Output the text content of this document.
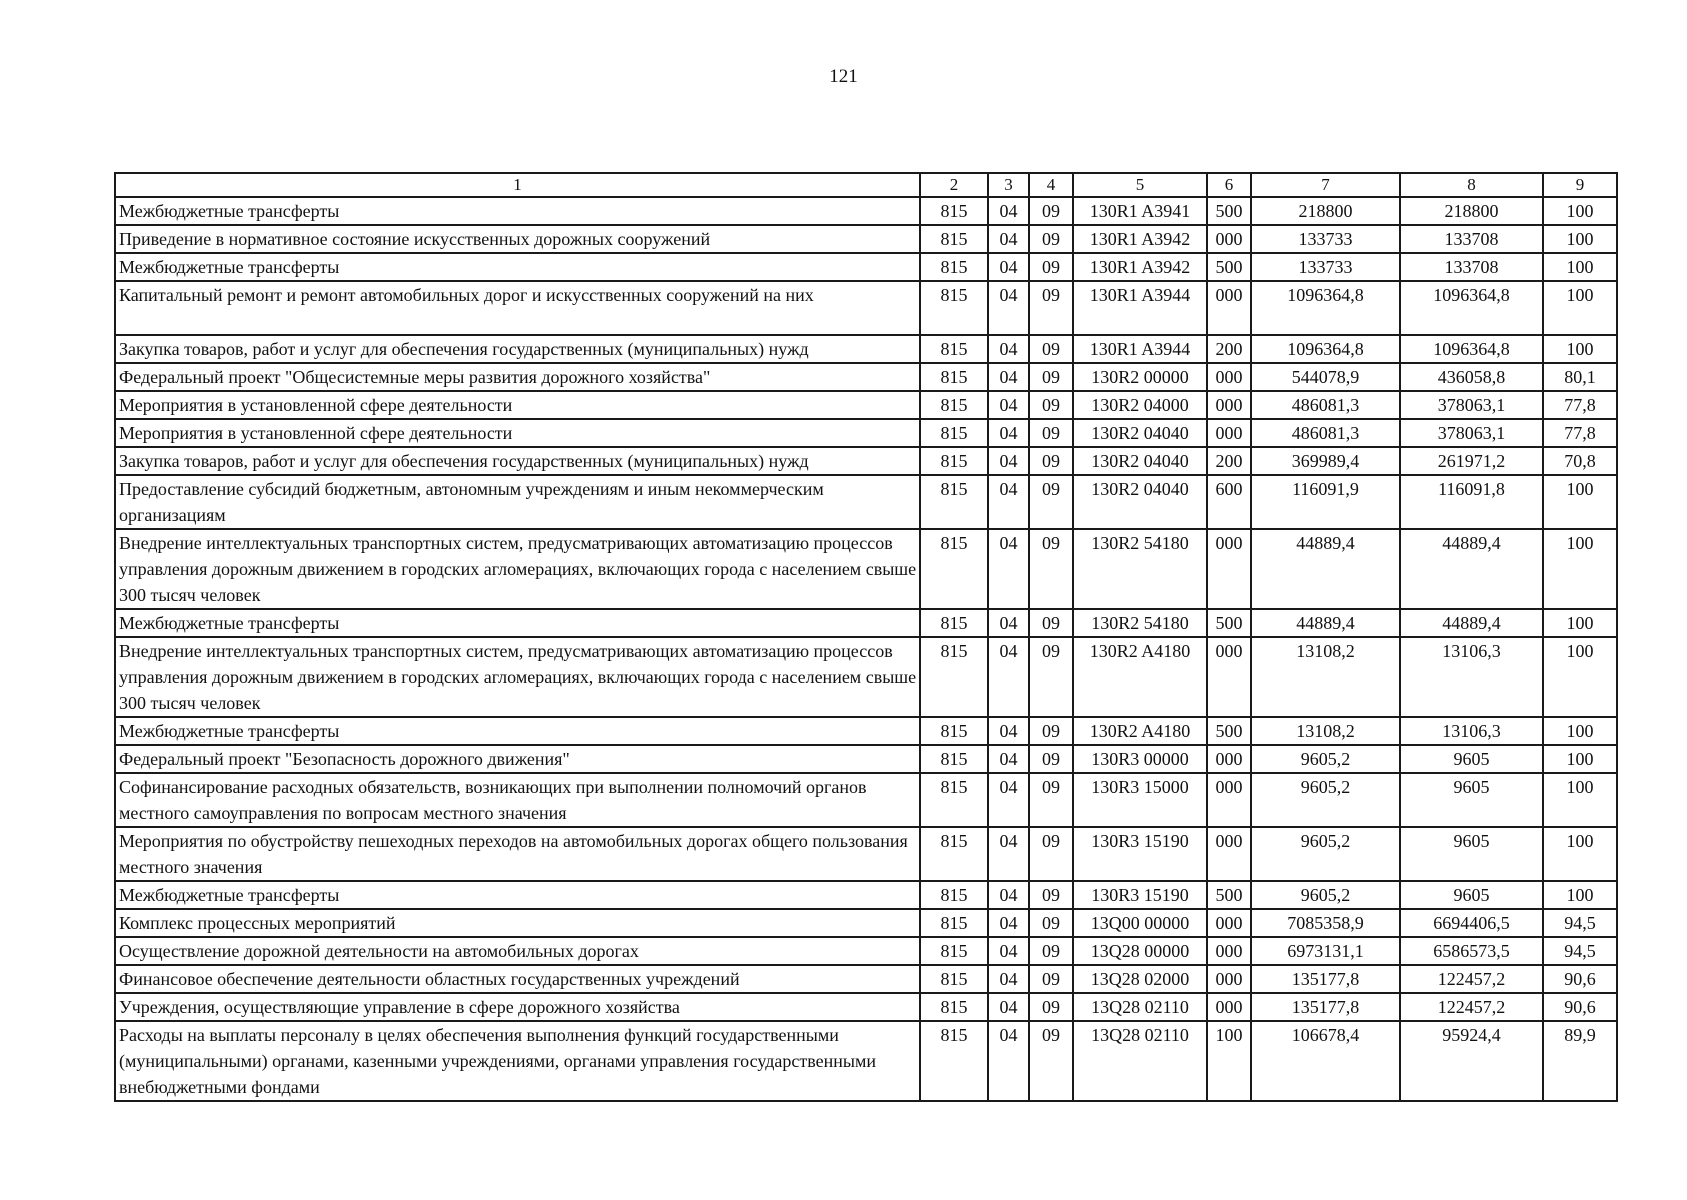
121
1	2	3	4	5	6	7	8	9
Межбюджетные трансферты	815	04	09	130R1 A3941	500	218800	218800	100
Приведение в нормативное состояние искусственных дорожных сооружений	815	04	09	130R1 A3942	000	133733	133708	100
Межбюджетные трансферты	815	04	09	130R1 A3942	500	133733	133708	100
Капитальный ремонт и ремонт автомобильных дорог и искусственных сооружений на них	815	04	09	130R1 A3944	000	1096364,8	1096364,8	100
Закупка товаров, работ и услуг для обеспечения государственных (муниципальных) нужд	815	04	09	130R1 A3944	200	1096364,8	1096364,8	100
Федеральный проект "Общесистемные меры развития дорожного хозяйства"	815	04	09	130R2 00000	000	544078,9	436058,8	80,1
Мероприятия в установленной сфере деятельности	815	04	09	130R2 04000	000	486081,3	378063,1	77,8
Мероприятия в установленной сфере деятельности	815	04	09	130R2 04040	000	486081,3	378063,1	77,8
Закупка товаров, работ и услуг для обеспечения государственных (муниципальных) нужд	815	04	09	130R2 04040	200	369989,4	261971,2	70,8
Предоставление субсидий бюджетным, автономным учреждениям и иным некоммерческим организациям	815	04	09	130R2 04040	600	116091,9	116091,8	100
Внедрение интеллектуальных транспортных систем, предусматривающих автоматизацию процессов управления дорожным движением в городских агломерациях, включающих города с населением свыше 300 тысяч человек	815	04	09	130R2 54180	000	44889,4	44889,4	100
Межбюджетные трансферты	815	04	09	130R2 54180	500	44889,4	44889,4	100
Внедрение интеллектуальных транспортных систем, предусматривающих автоматизацию процессов управления дорожным движением в городских агломерациях, включающих города с населением свыше 300 тысяч человек	815	04	09	130R2 A4180	000	13108,2	13106,3	100
Межбюджетные трансферты	815	04	09	130R2 A4180	500	13108,2	13106,3	100
Федеральный проект "Безопасность дорожного движения"	815	04	09	130R3 00000	000	9605,2	9605	100
Софинансирование расходных обязательств, возникающих при выполнении полномочий органов местного самоуправления по вопросам местного значения	815	04	09	130R3 15000	000	9605,2	9605	100
Мероприятия по обустройству пешеходных переходов на автомобильных дорогах общего пользования местного значения	815	04	09	130R3 15190	000	9605,2	9605	100
Межбюджетные трансферты	815	04	09	130R3 15190	500	9605,2	9605	100
Комплекс процессных мероприятий	815	04	09	13Q00 00000	000	7085358,9	6694406,5	94,5
Осуществление дорожной деятельности на автомобильных дорогах	815	04	09	13Q28 00000	000	6973131,1	6586573,5	94,5
Финансовое обеспечение деятельности областных государственных учреждений	815	04	09	13Q28 02000	000	135177,8	122457,2	90,6
Учреждения, осуществляющие управление в сфере дорожного хозяйства	815	04	09	13Q28 02110	000	135177,8	122457,2	90,6
Расходы на выплаты персоналу в целях обеспечения выполнения функций государственными (муниципальными) органами, казенными учреждениями, органами управления государственными внебюджетными фондами	815	04	09	13Q28 02110	100	106678,4	95924,4	89,9
